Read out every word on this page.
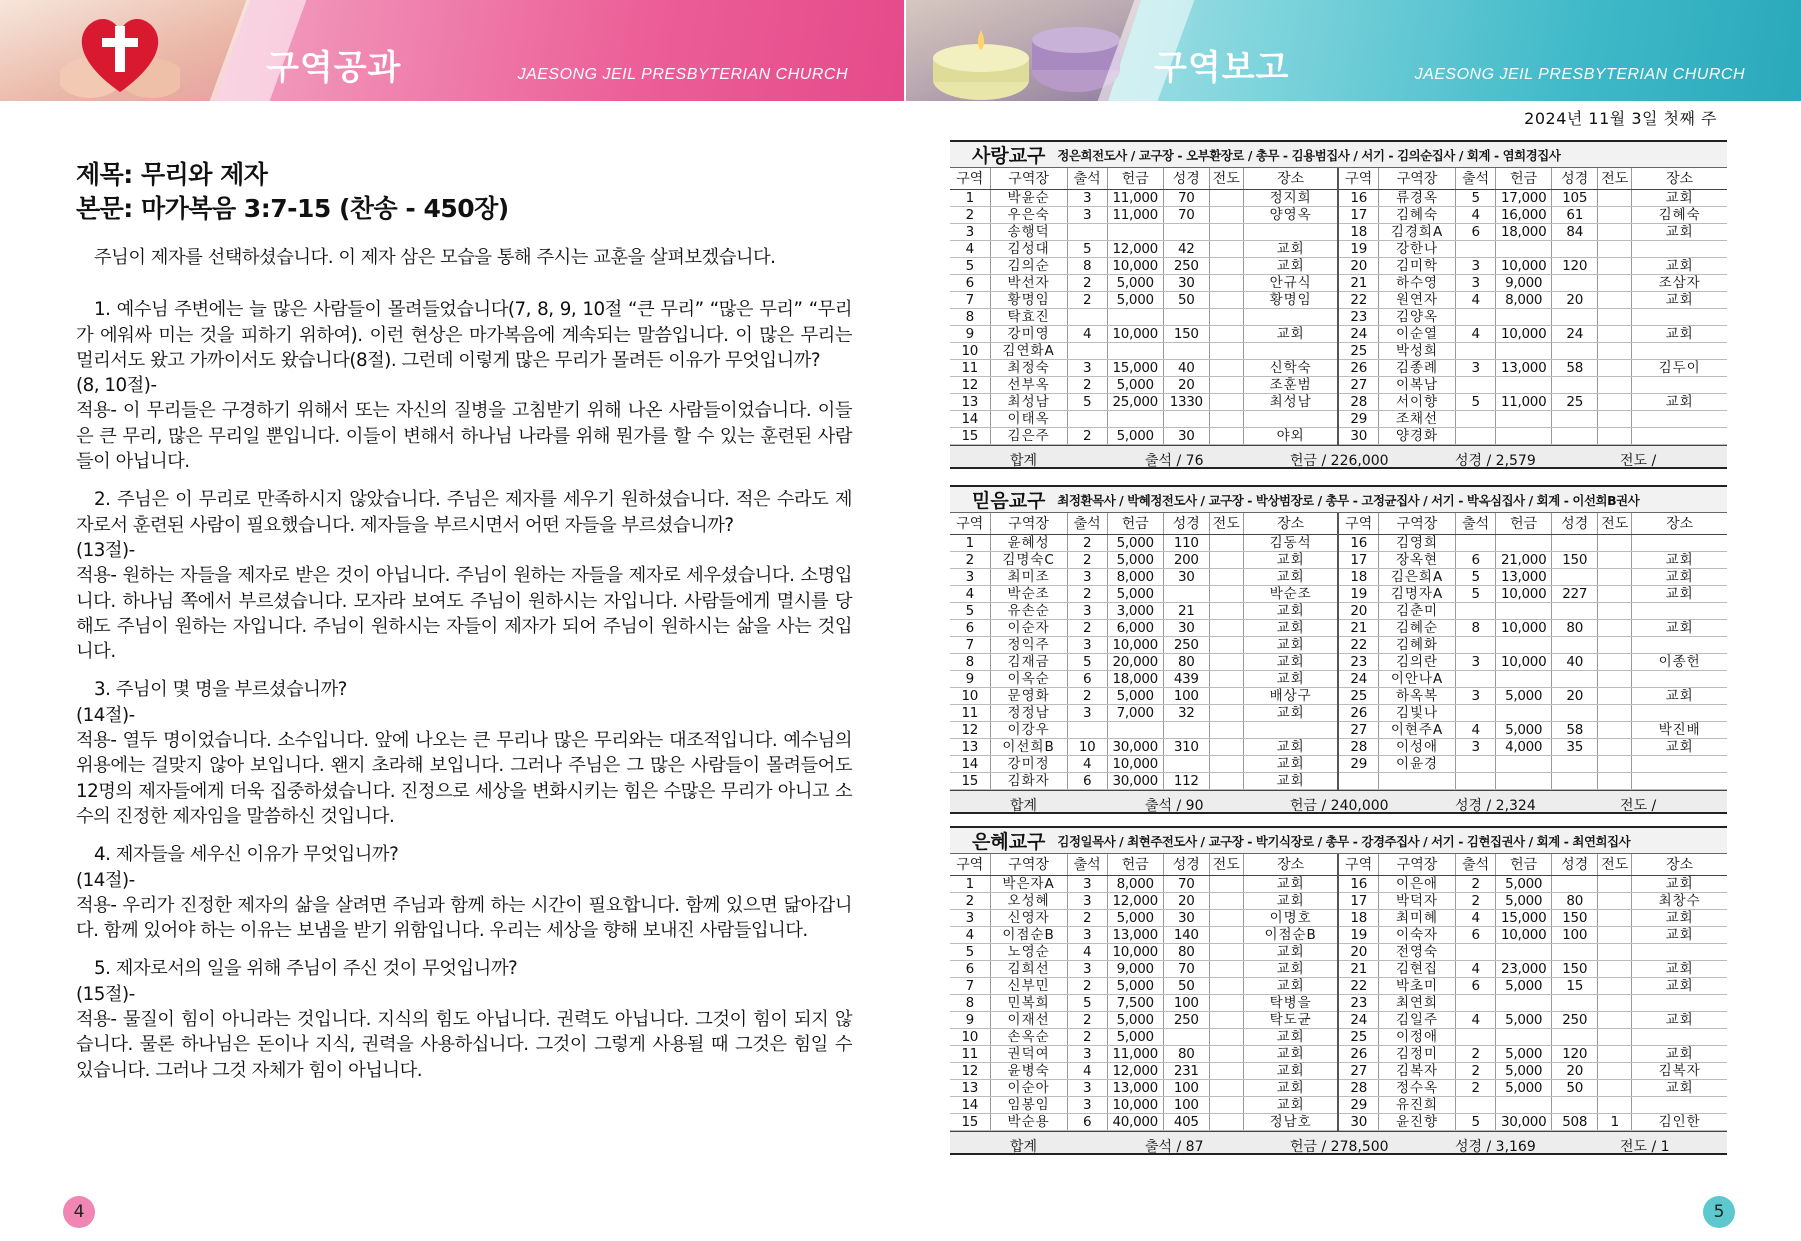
구역공과	JAESONG JEIL PRESBYTERIAN CHURCH	구역보고	JAESONG JEIL PRESBYTERIAN CHURCH
제목: 무리와 제자
본문: 마가복음 3:7-15 (찬송 - 450장)

주님이 제자를 선택하셨습니다. 이 제자 삼은 모습을 통해 주시는 교훈을 살펴보겠습니다.

1. 예수님 주변에는 늘 많은 사람들이 몰려들었습니다(7, 8, 9, 10절 “큰 무리” “많은 무리” “무리가 에워싸 미는 것을 피하기 위하여). 이런 현상은 마가복음에 계속되는 말씀입니다. 이 많은 무리는 멀리서도 왔고 가까이서도 왔습니다(8절). 그런데 이렇게 많은 무리가 몰려든 이유가 무엇입니까?

(8, 10절)-

적용- 이 무리들은 구경하기 위해서 또는 자신의 질병을 고침받기 위해 나온 사람들이었습니다. 이들은 큰 무리, 많은 무리일 뿐입니다. 이들이 변해서 하나님 나라를 위해 뭔가를 할 수 있는 훈련된 사람들이 아닙니다.

2. 주님은 이 무리로 만족하시지 않았습니다. 주님은 제자를 세우기 원하셨습니다. 적은 수라도 제자로서 훈련된 사람이 필요했습니다. 제자들을 부르시면서 어떤 자들을 부르셨습니까?

(13절)-

적용- 원하는 자들을 제자로 받은 것이 아닙니다. 주님이 원하는 자들을 제자로 세우셨습니다. 소명입니다. 하나님 쪽에서 부르셨습니다. 모자라 보여도 주님이 원하시는 자입니다. 사람들에게 멸시를 당해도 주님이 원하는 자입니다. 주님이 원하시는 자들이 제자가 되어 주님이 원하시는 삶을 사는 것입니다.

3. 주님이 몇 명을 부르셨습니까?

(14절)-

적용- 열두 명이었습니다. 소수입니다. 앞에 나오는 큰 무리나 많은 무리와는 대조적입니다. 예수님의 위용에는 걸맞지 않아 보입니다. 왠지 초라해 보입니다. 그러나 주님은 그 많은 사람들이 몰려들어도 12명의 제자들에게 더욱 집중하셨습니다. 진정으로 세상을 변화시키는 힘은 수많은 무리가 아니고 소수의 진정한 제자임을 말씀하신 것입니다.

4. 제자들을 세우신 이유가 무엇입니까?

(14절)-

적용- 우리가 진정한 제자의 삶을 살려면 주님과 함께 하는 시간이 필요합니다. 함께 있으면 닮아갑니다. 함께 있어야 하는 이유는 보냄을 받기 위함입니다. 우리는 세상을 향해 보내진 사람들입니다.

5. 제자로서의 일을 위해 주님이 주신 것이 무엇입니까?

(15절)-

적용- 물질이 힘이 아니라는 것입니다. 지식의 힘도 아닙니다. 권력도 아닙니다. 그것이 힘이 되지 않습니다. 물론 하나님은 돈이나 지식, 권력을 사용하십니다. 그것이 그렇게 사용될 때 그것은 힘일 수 있습니다. 그러나 그것 자체가 힘이 아닙니다.

2024년 11월 3일 첫째 주
사랑교구 정은희전도사 / 교구장 - 오부환장로 / 총무 - 김용범집사 / 서기 - 김의순집사 / 회계 - 염희경집사
구역	구역장	출석	헌금	성경	전도	장소	구역	구역장	출석	헌금	성경	전도	장소
1	박윤순	3	11,000	70		정지희	16	류경옥	5	17,000	105		교회
2	우은숙	3	11,000	70		양영옥	17	김혜숙	4	16,000	61		김혜숙
3	송행덕						18	김경희A	6	18,000	84		교회
4	김성대	5	12,000	42		교회	19	강한나					
5	김의순	8	10,000	250		교회	20	김미학	3	10,000	120		교회
6	박선자	2	5,000	30		안규식	21	하수영	3	9,000			조삼자
7	황명임	2	5,000	50		황명임	22	원연자	4	8,000	20		교회
8	탁효진						23	김양옥					
9	강미영	4	10,000	150		교회	24	이순열	4	10,000	24		교회
10	김연화A						25	박성희					
11	최정숙	3	15,000	40		신학숙	26	김종례	3	13,000	58		김두이
12	선부옥	2	5,000	20		조훈범	27	이복남					
13	최성남	5	25,000	1330		최성남	28	서이향	5	11,000	25		교회
14	이태옥						29	조채선					
15	김은주	2	5,000	30		야외	30	양경화					
합계	출석 / 76	헌금 / 226,000	성경 / 2,579	전도 /
믿음교구 최정환목사 / 박혜정전도사 / 교구장 - 박상범장로 / 총무 - 고정균집사 / 서기 - 박옥심집사 / 회계 - 이선희B권사
구역	구역장	출석	헌금	성경	전도	장소	구역	구역장	출석	헌금	성경	전도	장소
1	윤혜성	2	5,000	110		김동석	16	김영희					
2	김명숙C	2	5,000	200		교회	17	장옥현	6	21,000	150		교회
3	최미조	3	8,000	30		교회	18	김은희A	5	13,000			교회
4	박순조	2	5,000			박순조	19	김명자A	5	10,000	227		교회
5	유손순	3	3,000	21		교회	20	김춘미					
6	이순자	2	6,000	30		교회	21	김혜순	8	10,000	80		교회
7	정익주	3	10,000	250		교회	22	김혜화					
8	김재금	5	20,000	80		교회	23	김의란	3	10,000	40		이종헌
9	이옥순	6	18,000	439		교회	24	이안나A					
10	문영화	2	5,000	100		배상구	25	하옥복	3	5,000	20		교회
11	정정남	3	7,000	32		교회	26	김빛나					
12	이강우						27	이현주A	4	5,000	58		박진배
13	이선희B	10	30,000	310		교회	28	이성애	3	4,000	35		교회
14	강미정	4	10,000			교회	29	이윤경					
15	김화자	6	30,000	112		교회							
합계	출석 / 90	헌금 / 240,000	성경 / 2,324	전도 /
은혜교구 김정일목사 / 최현주전도사 / 교구장 - 박기식장로 / 총무 - 강경주집사 / 서기 - 김현집권사 / 회계 - 최연희집사
구역	구역장	출석	헌금	성경	전도	장소	구역	구역장	출석	헌금	성경	전도	장소
1	박은자A	3	8,000	70		교회	16	이은애	2	5,000			교회
2	오성혜	3	12,000	20		교회	17	박덕자	2	5,000	80		최창수
3	신영자	2	5,000	30		이명호	18	최미혜	4	15,000	150		교회
4	이점순B	3	13,000	140		이점순B	19	이숙자	6	10,000	100		교회
5	노영순	4	10,000	80		교회	20	전영숙					
6	김희선	3	9,000	70		교회	21	김현집	4	23,000	150		교회
7	신부민	2	5,000	50		교회	22	박초미	6	5,000	15		교회
8	민복희	5	7,500	100		탁병을	23	최연희					
9	이재선	2	5,000	250		탁도균	24	김일주	4	5,000	250		교회
10	손옥순	2	5,000			교회	25	이정애					
11	권덕여	3	11,000	80		교회	26	김정미	2	5,000	120		교회
12	윤병숙	4	12,000	231		교회	27	김복자	2	5,000	20		김복자
13	이순아	3	13,000	100		교회	28	정수옥	2	5,000	50		교회
14	임봉임	3	10,000	100		교회	29	유진희					
15	박순용	6	40,000	405		정남호	30	윤진향	5	30,000	508	1	김인한
합계	출석 / 87	헌금 / 278,500	성경 / 3,169	전도 / 1
4	5
